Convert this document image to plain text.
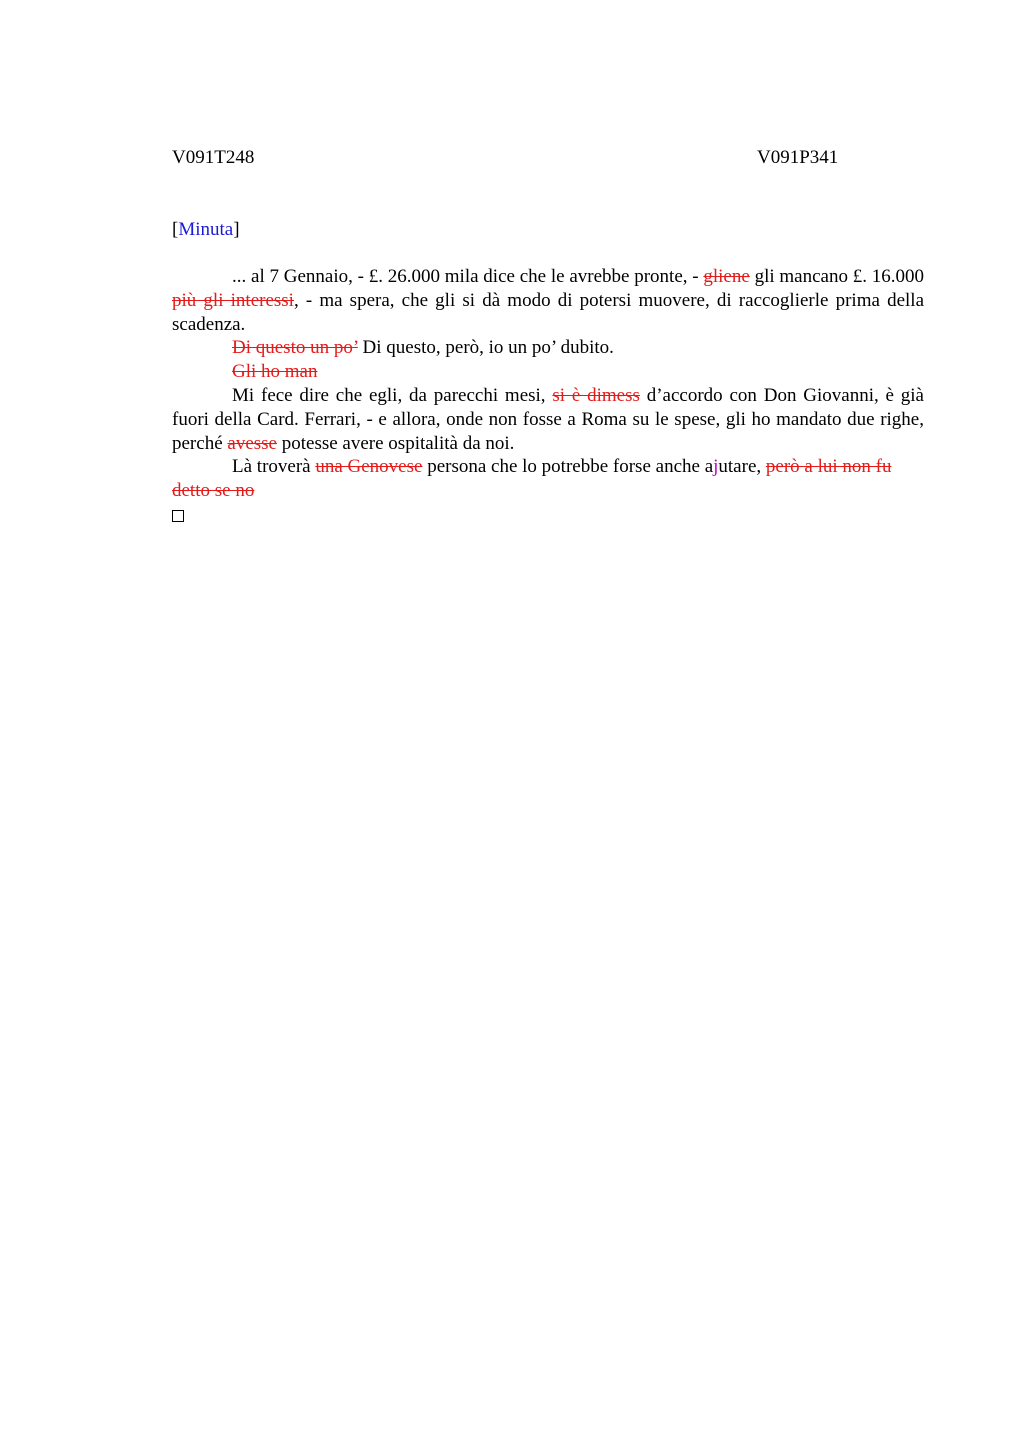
V091T248	V091P341
[Minuta]

... al 7 Gennaio, - £. 26.000 mila dice che le avrebbe pronte, - gliene gli mancano £. 16.000 più gli interessi, - ma spera, che gli si dà modo di potersi muovere, di raccoglierle prima della scadenza.

Di questo un po’ Di questo, però, io un po’ dubito.

Gli ho man

Mi fece dire che egli, da parecchi mesi, si è dimess d’accordo con Don Giovanni, è già fuori della Card. Ferrari, - e allora, onde non fosse a Roma su le spese, gli ho mandato due righe, perché avesse potesse avere ospitalità da noi.

Là troverà una Genovese persona che lo potrebbe forse anche ajutare, però a lui non fu detto se no
